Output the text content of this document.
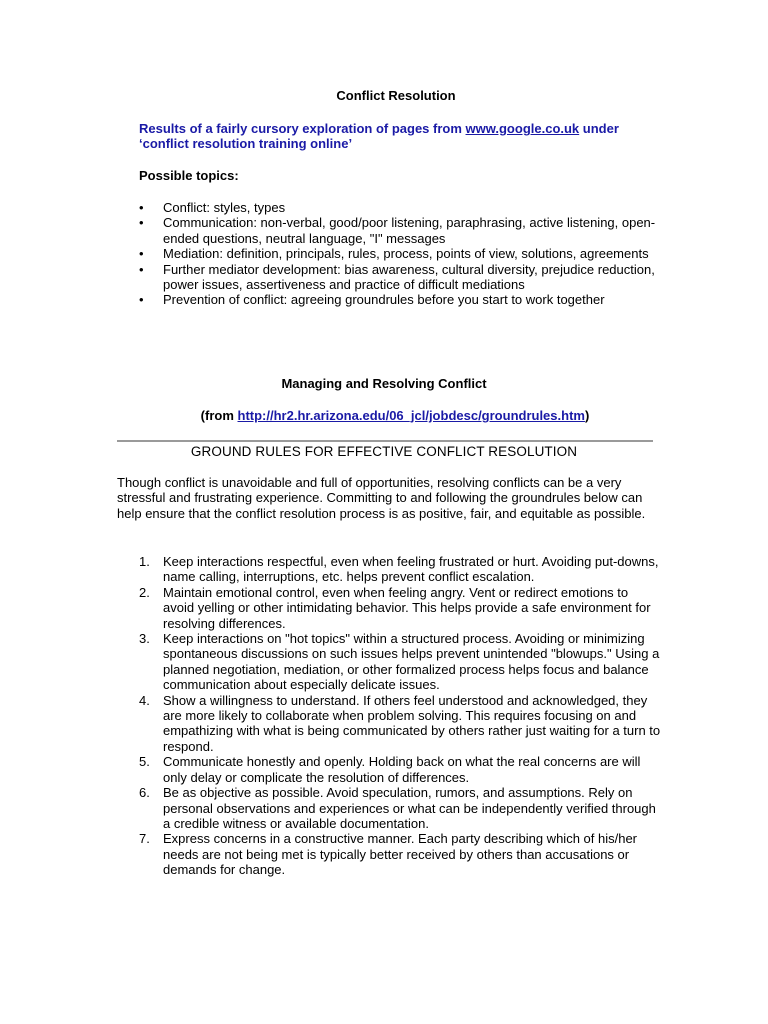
Conflict Resolution
Results of a fairly cursory exploration of pages from www.google.co.uk under ‘conflict resolution training online’
Possible topics:
• Conflict: styles, types
• Communication: non-verbal, good/poor listening, paraphrasing, active listening, open-ended questions, neutral language, "I" messages
• Mediation: definition, principals, rules, process, points of view, solutions, agreements
• Further mediator development: bias awareness, cultural diversity, prejudice reduction, power issues, assertiveness and practice of difficult mediations
• Prevention of conflict: agreeing groundrules before you start to work together
Managing and Resolving Conflict
(from http://hr2.hr.arizona.edu/06_jcl/jobdesc/groundrules.htm)
GROUND RULES FOR EFFECTIVE CONFLICT RESOLUTION
Though conflict is unavoidable and full of opportunities, resolving conflicts can be a very stressful and frustrating experience. Committing to and following the groundrules below can help ensure that the conflict resolution process is as positive, fair, and equitable as possible.
1. Keep interactions respectful, even when feeling frustrated or hurt. Avoiding put-downs, name calling, interruptions, etc. helps prevent conflict escalation.
2. Maintain emotional control, even when feeling angry. Vent or redirect emotions to avoid yelling or other intimidating behavior. This helps provide a safe environment for resolving differences.
3. Keep interactions on "hot topics" within a structured process. Avoiding or minimizing spontaneous discussions on such issues helps prevent unintended "blowups." Using a planned negotiation, mediation, or other formalized process helps focus and balance communication about especially delicate issues.
4. Show a willingness to understand. If others feel understood and acknowledged, they are more likely to collaborate when problem solving. This requires focusing on and empathizing with what is being communicated by others rather just waiting for a turn to respond.
5. Communicate honestly and openly. Holding back on what the real concerns are will only delay or complicate the resolution of differences.
6. Be as objective as possible. Avoid speculation, rumors, and assumptions. Rely on personal observations and experiences or what can be independently verified through a credible witness or available documentation.
7. Express concerns in a constructive manner. Each party describing which of his/her needs are not being met is typically better received by others than accusations or demands for change.
